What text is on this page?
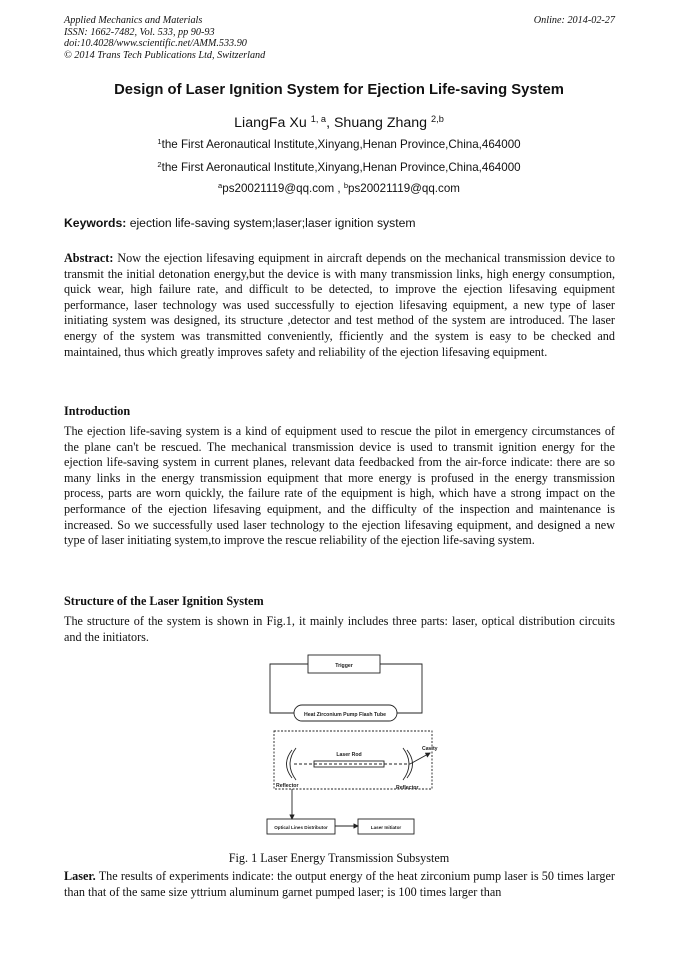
Applied Mechanics and Materials
ISSN: 1662-7482, Vol. 533, pp 90-93
doi:10.4028/www.scientific.net/AMM.533.90
© 2014 Trans Tech Publications Ltd, Switzerland
Online: 2014-02-27
Design of Laser Ignition System for Ejection Life-saving System
LiangFa Xu $^{1, a}$, Shuang Zhang $^{2,b}$
$^1$the First Aeronautical Institute,Xinyang,Henan Province,China,464000
$^2$the First Aeronautical Institute,Xinyang,Henan Province,China,464000
$^a$ps20021119@qq.com , $^b$ps20021119@qq.com
Keywords: ejection life-saving system;laser;laser ignition system
Abstract: Now the ejection lifesaving equipment in aircraft depends on the mechanical transmission device to transmit the initial detonation energy,but the device is with many transmission links, high energy consumption, quick wear, high failure rate, and difficult to be detected, to improve the ejection lifesaving equipment performance, laser technology was used successfully to ejection lifesaving equipment, a new type of laser initiating system was designed, its structure ,detector and test method of the system are introduced. The laser energy of the system was transmitted conveniently, fficiently and the system is easy to be checked and maintained, thus which greatly improves safety and reliability of the ejection lifesaving equipment.
Introduction
The ejection life-saving system is a kind of equipment used to rescue the pilot in emergency circumstances of the plane can't be rescued. The mechanical transmission device is used to transmit ignition energy for the ejection life-saving system in current planes, relevant data feedbacked from the air-force indicate: there are so many links in the energy transmission equipment that more energy is profused in the energy transmission process, parts are worn quickly, the failure rate of the equipment is high, which have a strong impact on the performance of the ejection lifesaving equipment, and the difficulty of the inspection and maintenance is increased. So we successfully used laser technology to the ejection lifesaving equipment, and designed a new type of laser initiating system,to improve the rescue reliability of the ejection life-saving system.
Structure of the Laser Ignition System
The structure of the system is shown in Fig.1, it mainly includes three parts: laser, optical distribution circuits and the initiators.
Trigger
Heat Zirconium Pump Flash Tube
Laser Rod
Reflector	Reflector
Cavity
Optical Lines Distributor	Laser Initiator
Fig. 1 Laser Energy Transmission Subsystem
Laser. The results of experiments indicate: the output energy of the heat zirconium pump laser is 50 times larger than that of the same size yttrium aluminum garnet pumped laser; is 100 times larger than
